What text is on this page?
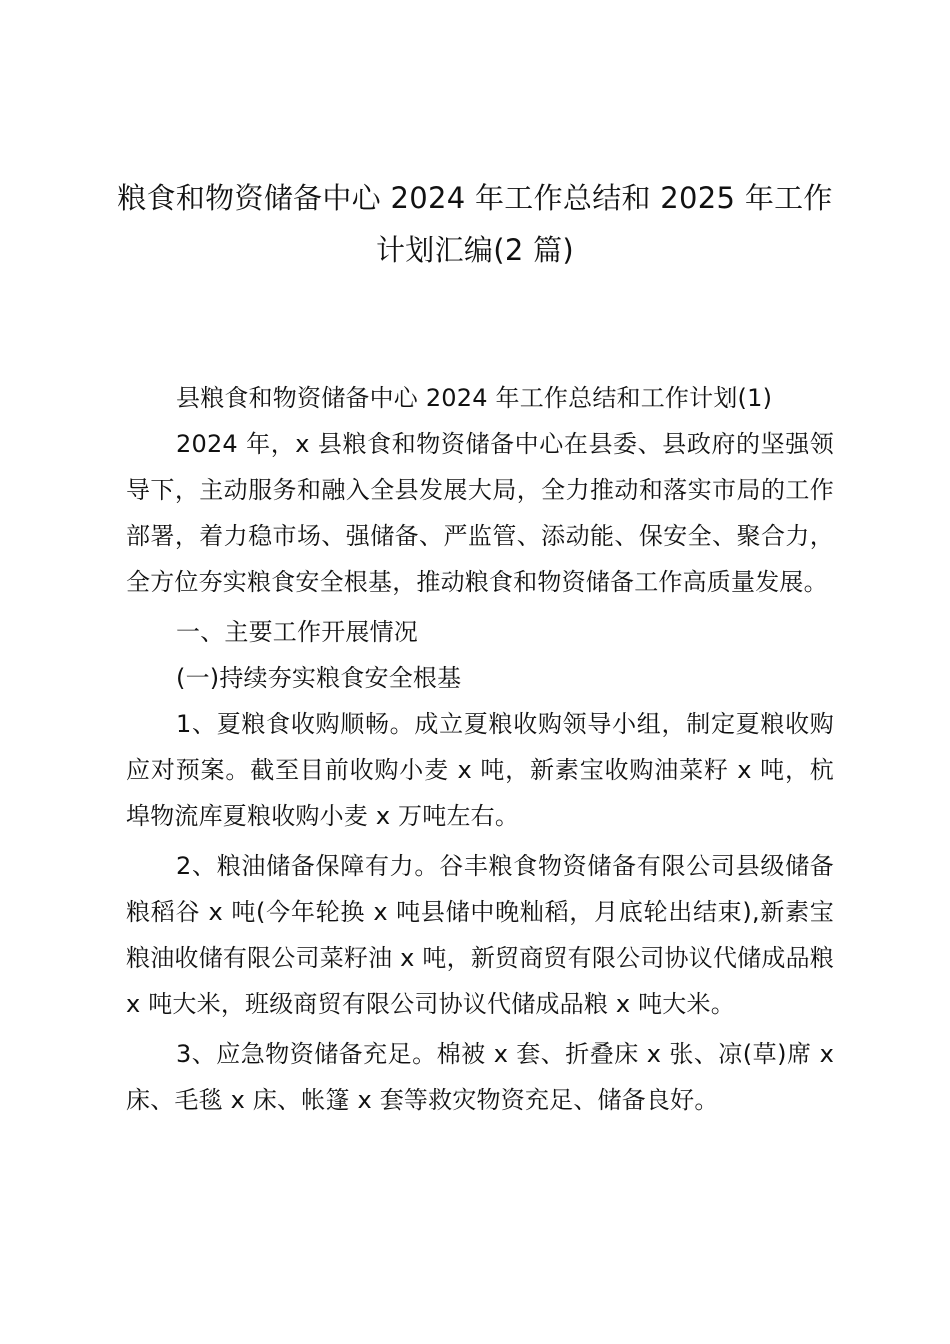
粮食和物资储备中心 2024 年工作总结和 2025 年工作
计划汇编(2 篇)

县粮食和物资储备中心 2024 年工作总结和工作计划(1)

2024 年，x 县粮食和物资储备中心在县委、县政府的坚强领导下，主动服务和融入全县发展大局，全力推动和落实市局的工作部署，着力稳市场、强储备、严监管、添动能、保安全、聚合力，全方位夯实粮食安全根基，推动粮食和物资储备工作高质量发展。

一、主要工作开展情况

(一)持续夯实粮食安全根基

1、夏粮食收购顺畅。成立夏粮收购领导小组，制定夏粮收购应对预案。截至目前收购小麦 x 吨，新素宝收购油菜籽 x 吨，杭埠物流库夏粮收购小麦 x 万吨左右。

2、粮油储备保障有力。谷丰粮食物资储备有限公司县级储备粮稻谷 x 吨(今年轮换 x 吨县储中晚籼稻，月底轮出结束),新素宝粮油收储有限公司菜籽油 x 吨，新贸商贸有限公司协议代储成品粮 x 吨大米，班级商贸有限公司协议代储成品粮 x 吨大米。

3、应急物资储备充足。棉被 x 套、折叠床 x 张、凉(草)席 x 床、毛毯 x 床、帐篷 x 套等救灾物资充足、储备良好。
